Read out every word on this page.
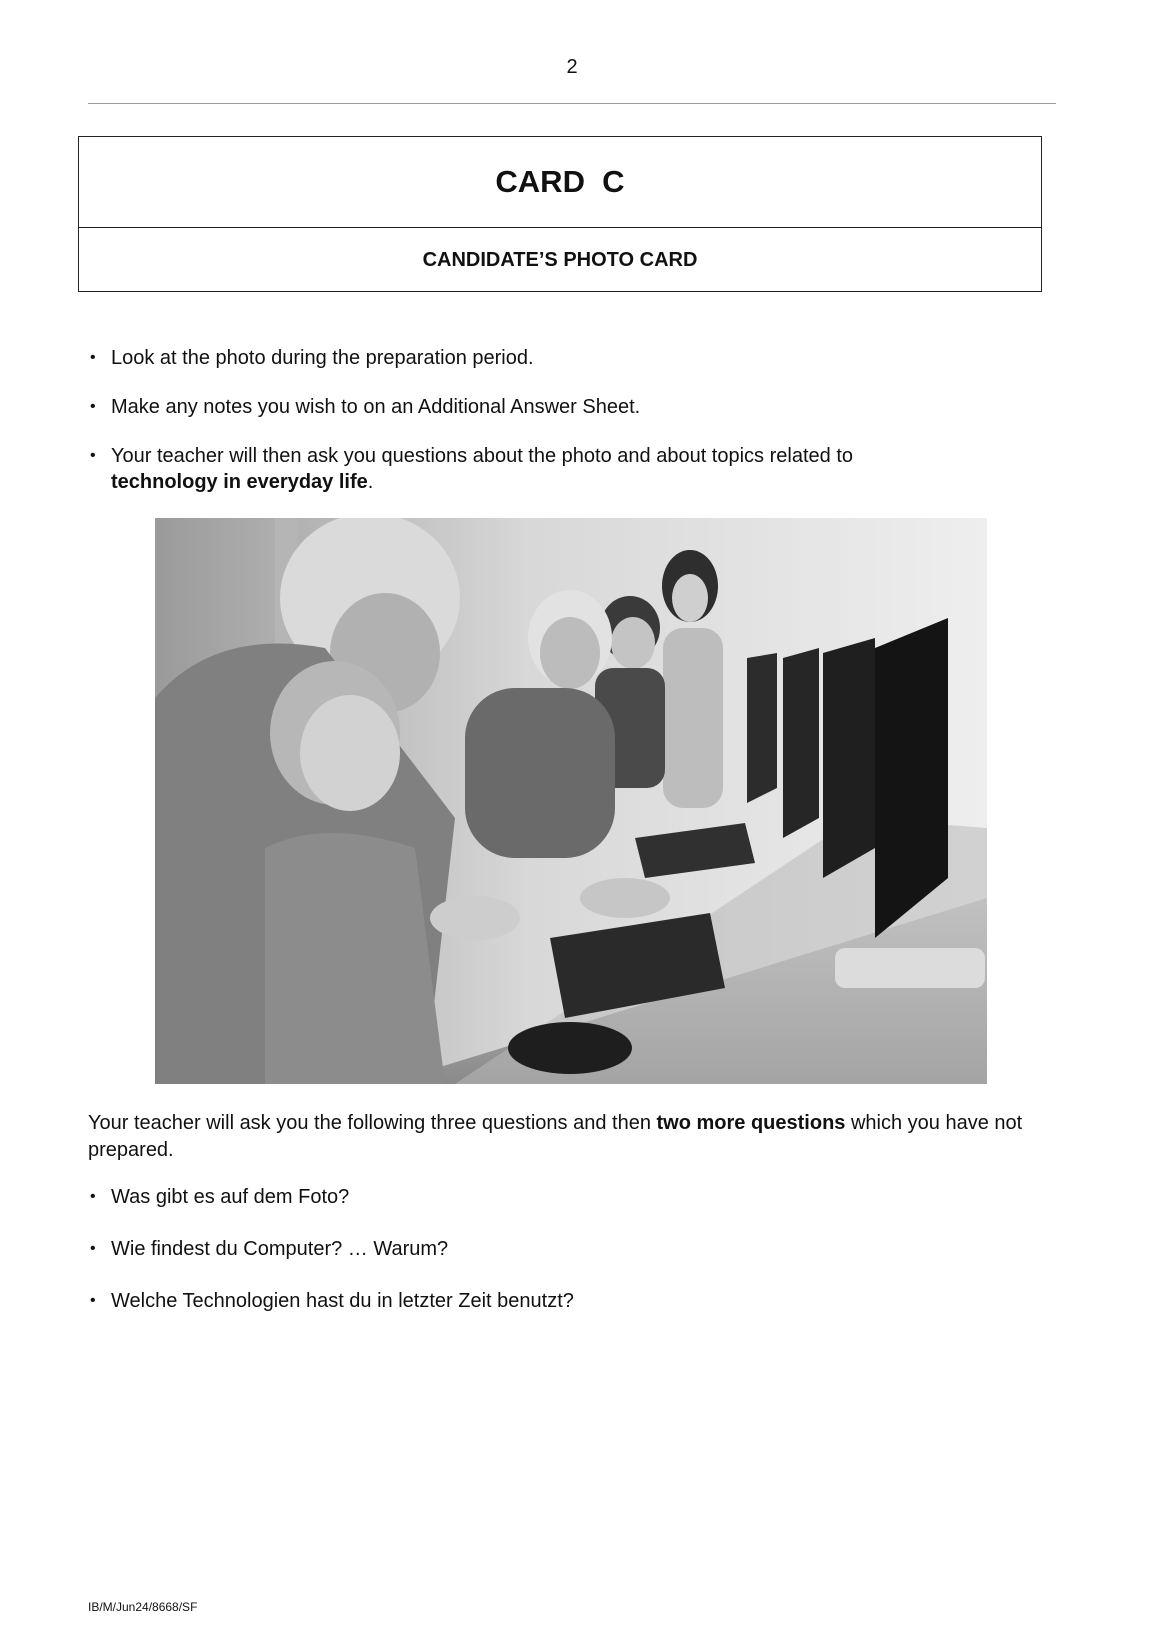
2
CARD  C
CANDIDATE’S PHOTO CARD
• Look at the photo during the preparation period.
• Make any notes you wish to on an Additional Answer Sheet.
• Your teacher will then ask you questions about the photo and about topics related to
technology in everyday life.
Your teacher will ask you the following three questions and then two more questions which you have not prepared.
• Was gibt es auf dem Foto?
• Wie findest du Computer? … Warum?
• Welche Technologien hast du in letzter Zeit benutzt?
IB/M/Jun24/8668/SF
